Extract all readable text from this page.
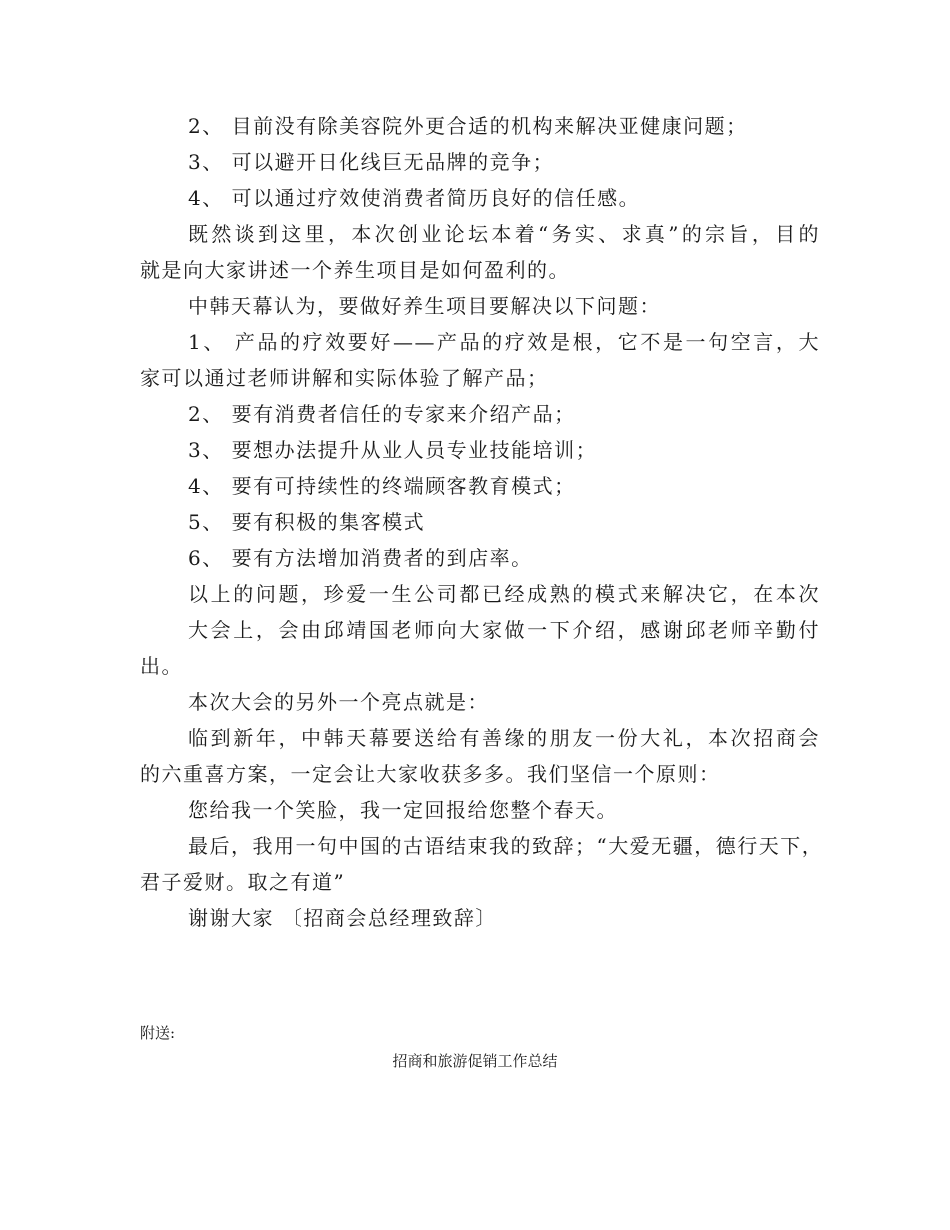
2、 目前没有除美容院外更合适的机构来解决亚健康问题；
3、 可以避开日化线巨无品牌的竞争；
4、 可以通过疗效使消费者简历良好的信任感。
既然谈到这里，本次创业论坛本着“务实、求真”的宗旨，目的
就是向大家讲述一个养生项目是如何盈利的。
中韩天幕认为，要做好养生项目要解决以下问题：
1、 产品的疗效要好——产品的疗效是根，它不是一句空言，大
家可以通过老师讲解和实际体验了解产品；
2、 要有消费者信任的专家来介绍产品；
3、 要想办法提升从业人员专业技能培训；
4、 要有可持续性的终端顾客教育模式；
5、 要有积极的集客模式
6、 要有方法增加消费者的到店率。
以上的问题，珍爱一生公司都已经成熟的模式来解决它，在本次
大会上，会由邱靖国老师向大家做一下介绍，感谢邱老师辛勤付
出。
本次大会的另外一个亮点就是：
临到新年，中韩天幕要送给有善缘的朋友一份大礼，本次招商会
的六重喜方案，一定会让大家收获多多。我们坚信一个原则：
您给我一个笑脸，我一定回报给您整个春天。
最后，我用一句中国的古语结束我的致辞；“大爱无疆，德行天下，
君子爱财。取之有道”
谢谢大家 〔招商会总经理致辞〕
附送:
招商和旅游促销工作总结
